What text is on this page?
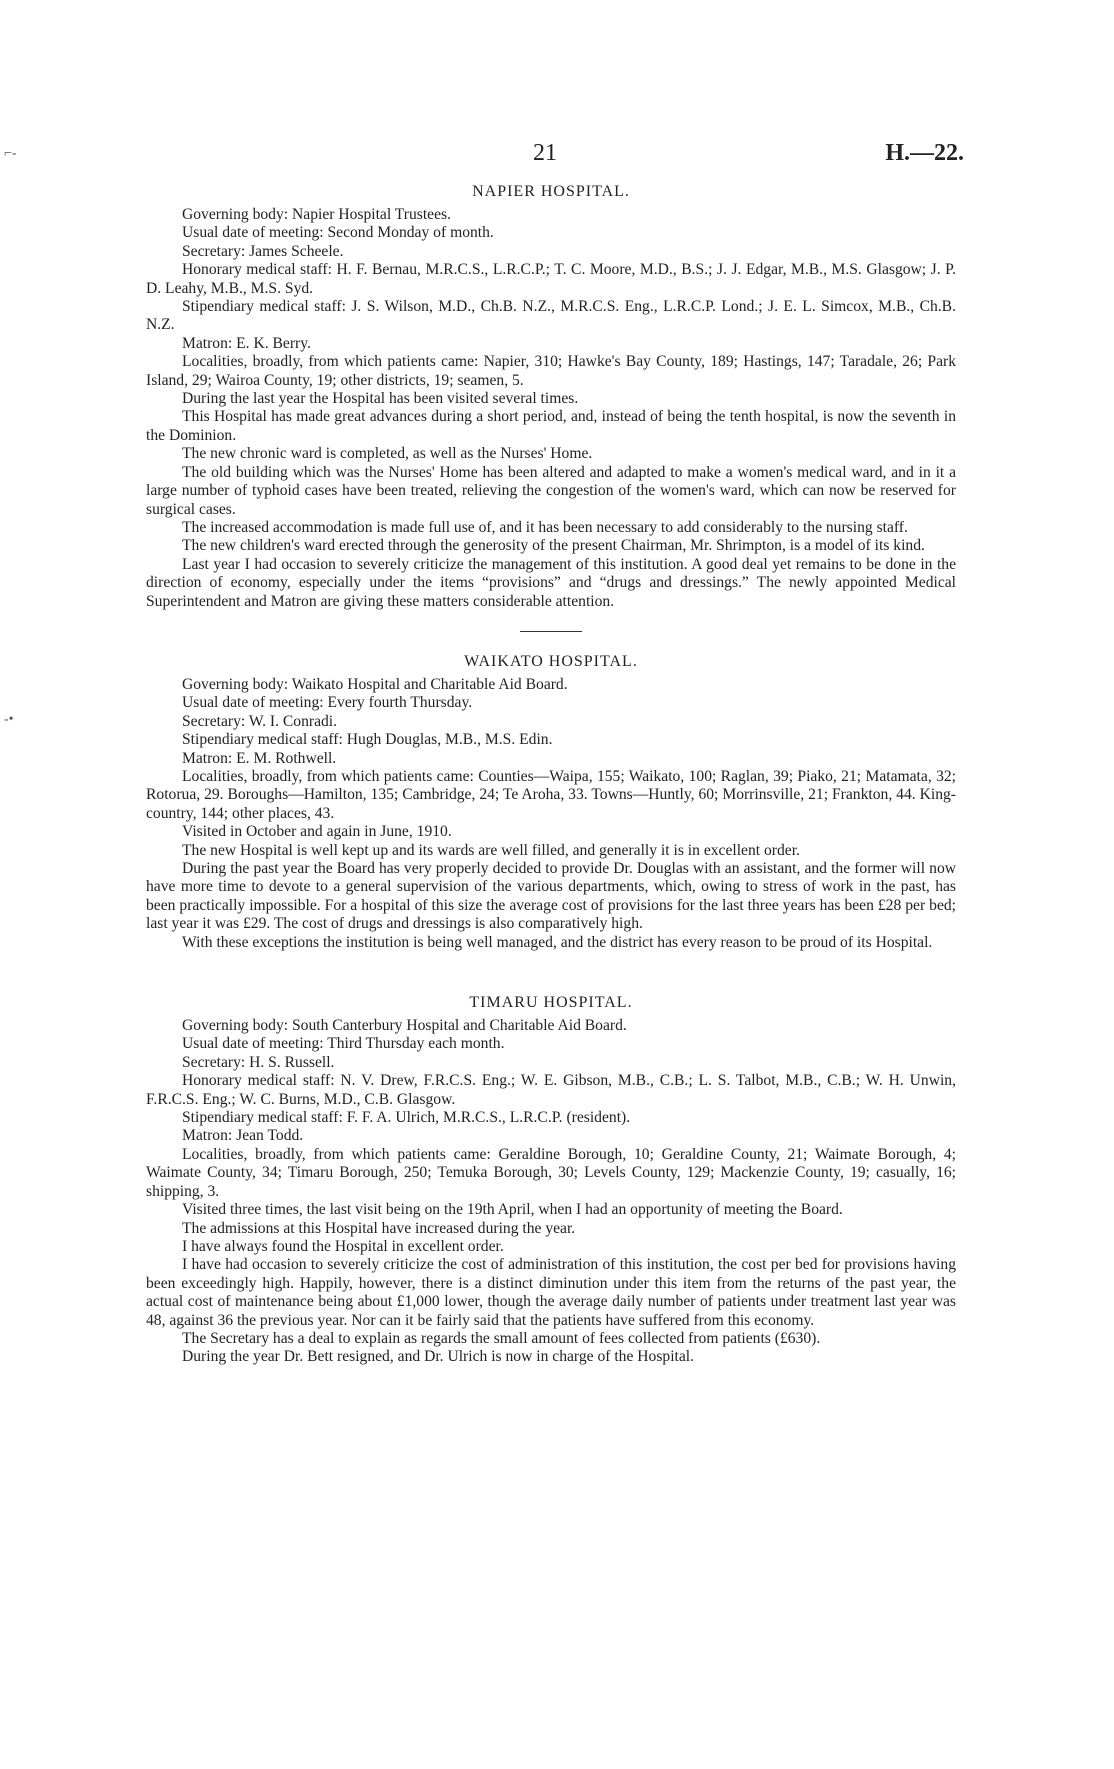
21	H.—22.
⌐-
-•
NAPIER HOSPITAL.

Governing body: Napier Hospital Trustees.

Usual date of meeting: Second Monday of month.

Secretary: James Scheele.

Honorary medical staff: H. F. Bernau, M.R.C.S., L.R.C.P.; T. C. Moore, M.D., B.S.; J. J. Edgar, M.B., M.S. Glasgow; J. P. D. Leahy, M.B., M.S. Syd.

Stipendiary medical staff: J. S. Wilson, M.D., Ch.B. N.Z., M.R.C.S. Eng., L.R.C.P. Lond.; J. E. L. Simcox, M.B., Ch.B. N.Z.

Matron: E. K. Berry.

Localities, broadly, from which patients came: Napier, 310; Hawke's Bay County, 189; Hastings, 147; Taradale, 26; Park Island, 29; Wairoa County, 19; other districts, 19; seamen, 5.

During the last year the Hospital has been visited several times.

This Hospital has made great advances during a short period, and, instead of being the tenth hospital, is now the seventh in the Dominion.

The new chronic ward is completed, as well as the Nurses' Home.

The old building which was the Nurses' Home has been altered and adapted to make a women's medical ward, and in it a large number of typhoid cases have been treated, relieving the congestion of the women's ward, which can now be reserved for surgical cases.

The increased accommodation is made full use of, and it has been necessary to add considerably to the nursing staff.

The new children's ward erected through the generosity of the present Chairman, Mr. Shrimpton, is a model of its kind.

Last year I had occasion to severely criticize the management of this institution. A good deal yet remains to be done in the direction of economy, especially under the items “provisions” and “drugs and dressings.” The newly appointed Medical Superintendent and Matron are giving these matters considerable attention.

WAIKATO HOSPITAL.

Governing body: Waikato Hospital and Charitable Aid Board.

Usual date of meeting: Every fourth Thursday.

Secretary: W. I. Conradi.

Stipendiary medical staff: Hugh Douglas, M.B., M.S. Edin.

Matron: E. M. Rothwell.

Localities, broadly, from which patients came: Counties—Waipa, 155; Waikato, 100; Raglan, 39; Piako, 21; Matamata, 32; Rotorua, 29. Boroughs—Hamilton, 135; Cambridge, 24; Te Aroha, 33. Towns—Huntly, 60; Morrinsville, 21; Frankton, 44. King-country, 144; other places, 43.

Visited in October and again in June, 1910.

The new Hospital is well kept up and its wards are well filled, and generally it is in excellent order.

During the past year the Board has very properly decided to provide Dr. Douglas with an assistant, and the former will now have more time to devote to a general supervision of the various departments, which, owing to stress of work in the past, has been practically impossible. For a hospital of this size the average cost of provisions for the last three years has been £28 per bed; last year it was £29. The cost of drugs and dressings is also comparatively high.

With these exceptions the institution is being well managed, and the district has every reason to be proud of its Hospital.

TIMARU HOSPITAL.

Governing body: South Canterbury Hospital and Charitable Aid Board.

Usual date of meeting: Third Thursday each month.

Secretary: H. S. Russell.

Honorary medical staff: N. V. Drew, F.R.C.S. Eng.; W. E. Gibson, M.B., C.B.; L. S. Talbot, M.B., C.B.; W. H. Unwin, F.R.C.S. Eng.; W. C. Burns, M.D., C.B. Glasgow.

Stipendiary medical staff: F. F. A. Ulrich, M.R.C.S., L.R.C.P. (resident).

Matron: Jean Todd.

Localities, broadly, from which patients came: Geraldine Borough, 10; Geraldine County, 21; Waimate Borough, 4; Waimate County, 34; Timaru Borough, 250; Temuka Borough, 30; Levels County, 129; Mackenzie County, 19; casually, 16; shipping, 3.

Visited three times, the last visit being on the 19th April, when I had an opportunity of meeting the Board.

The admissions at this Hospital have increased during the year.

I have always found the Hospital in excellent order.

I have had occasion to severely criticize the cost of administration of this institution, the cost per bed for provisions having been exceedingly high. Happily, however, there is a distinct diminution under this item from the returns of the past year, the actual cost of maintenance being about £1,000 lower, though the average daily number of patients under treatment last year was 48, against 36 the previous year. Nor can it be fairly said that the patients have suffered from this economy.

The Secretary has a deal to explain as regards the small amount of fees collected from patients (£630).

During the year Dr. Bett resigned, and Dr. Ulrich is now in charge of the Hospital.
